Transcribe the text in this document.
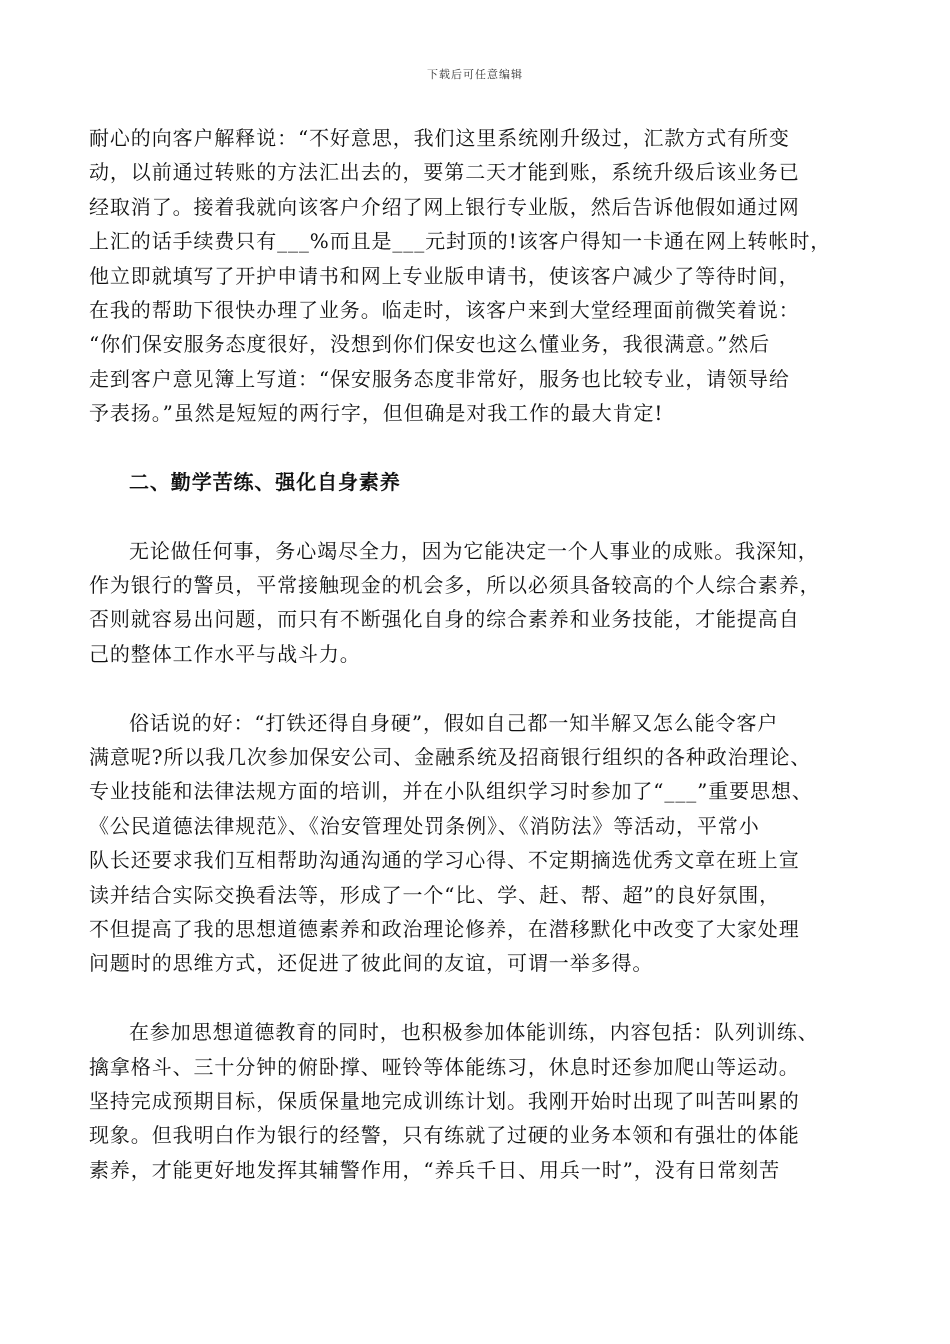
下载后可任意编辑
耐心的向客户解释说：“不好意思，我们这里系统刚升级过，汇款方式有所变
动，以前通过转账的方法汇出去的，要第二天才能到账，系统升级后该业务已
经取消了。接着我就向该客户介绍了网上银行专业版，然后告诉他假如通过网
上汇的话手续费只有___%而且是___元封顶的!该客户得知一卡通在网上转帐时，
他立即就填写了开护申请书和网上专业版申请书，使该客户减少了等待时间，
在我的帮助下很快办理了业务。临走时，该客户来到大堂经理面前微笑着说：
“你们保安服务态度很好，没想到你们保安也这么懂业务，我很满意。”然后
走到客户意见簿上写道：“保安服务态度非常好，服务也比较专业，请领导给
予表扬。”虽然是短短的两行字，但但确是对我工作的最大肯定!
二、勤学苦练、强化自身素养
无论做任何事，务心竭尽全力，因为它能决定一个人事业的成账。我深知，
作为银行的警员，平常接触现金的机会多，所以必须具备较高的个人综合素养，
否则就容易出问题，而只有不断强化自身的综合素养和业务技能，才能提高自
己的整体工作水平与战斗力。
俗话说的好：“打铁还得自身硬”，假如自己都一知半解又怎么能令客户
满意呢?所以我几次参加保安公司、金融系统及招商银行组织的各种政治理论、
专业技能和法律法规方面的培训，并在小队组织学习时参加了“___”重要思想、
《公民道德法律规范》、《治安管理处罚条例》、《消防法》等活动，平常小
队长还要求我们互相帮助沟通沟通的学习心得、不定期摘选优秀文章在班上宣
读并结合实际交换看法等，形成了一个“比、学、赶、帮、超”的良好氛围，
不但提高了我的思想道德素养和政治理论修养，在潜移默化中改变了大家处理
问题时的思维方式，还促进了彼此间的友谊，可谓一举多得。
在参加思想道德教育的同时，也积极参加体能训练，内容包括：队列训练、
擒拿格斗、三十分钟的俯卧撑、哑铃等体能练习，休息时还参加爬山等运动。
坚持完成预期目标，保质保量地完成训练计划。我刚开始时出现了叫苦叫累的
现象。但我明白作为银行的经警，只有练就了过硬的业务本领和有强壮的体能
素养，才能更好地发挥其辅警作用，“养兵千日、用兵一时”，没有日常刻苦
